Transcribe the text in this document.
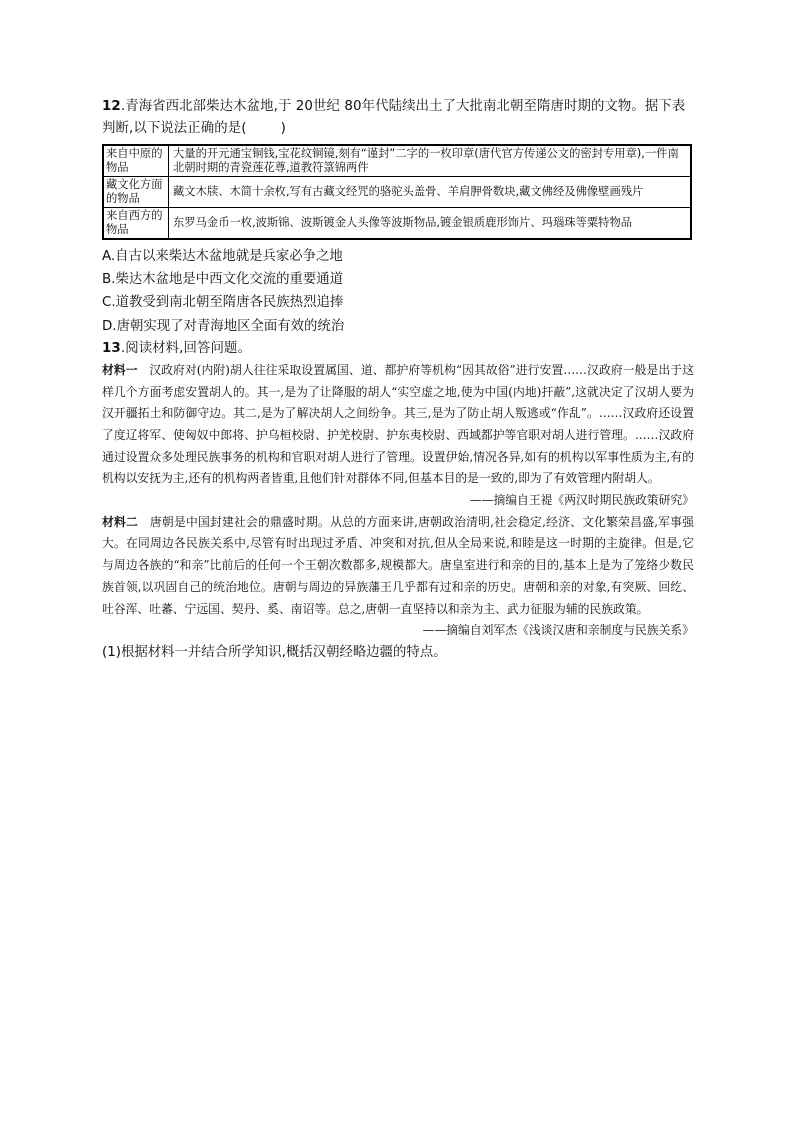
12.青海省西北部柴达木盆地,于 20世纪 80年代陆续出土了大批南北朝至隋唐时期的文物。据下表判断,以下说法正确的是(	)
来自中原的物品	大量的开元通宝铜钱,宝花纹铜镜,刻有“谨封”二字的一枚印章(唐代官方传递公文的密封专用章),一件南北朝时期的青瓷莲花尊,道教符箓锦两件
藏文化方面的物品	藏文木牍、木简十余枚,写有古藏文经咒的骆驼头盖骨、羊肩胛骨数块,藏文佛经及佛像壁画残片
来自西方的物品	东罗马金币一枚,波斯锦、波斯镀金人头像等波斯物品,镀金银质鹿形饰片、玛瑙珠等粟特物品
A.自古以来柴达木盆地就是兵家必争之地
B.柴达木盆地是中西文化交流的重要通道
C.道教受到南北朝至隋唐各民族热烈追捧
D.唐朝实现了对青海地区全面有效的统治
13.阅读材料,回答问题。
材料一 汉政府对(内附)胡人往往采取设置属国、道、都护府等机构“因其故俗”进行安置……汉政府一般是出于这样几个方面考虑安置胡人的。其一,是为了让降服的胡人“实空虚之地,使为中国(内地)扞蔽”,这就决定了汉胡人要为汉开疆拓土和防御守边。其二,是为了解决胡人之间纷争。其三,是为了防止胡人叛逃或“作乱”。……汉政府还设置了度辽将军、使匈奴中郎将、护乌桓校尉、护羌校尉、护东夷校尉、西域都护等官职对胡人进行管理。……汉政府通过设置众多处理民族事务的机构和官职对胡人进行了管理。设置伊始,情况各异,如有的机构以军事性质为主,有的机构以安抚为主,还有的机构两者皆重,且他们针对群体不同,但基本目的是一致的,即为了有效管理内附胡人。
——摘编自王褆《两汉时期民族政策研究》
材料二 唐朝是中国封建社会的鼎盛时期。从总的方面来讲,唐朝政治清明,社会稳定,经济、文化繁荣昌盛,军事强大。在同周边各民族关系中,尽管有时出现过矛盾、冲突和对抗,但从全局来说,和睦是这一时期的主旋律。但是,它与周边各族的“和亲”比前后的任何一个王朝次数都多,规模都大。唐皇室进行和亲的目的,基本上是为了笼络少数民族首领,以巩固自己的统治地位。唐朝与周边的异族藩王几乎都有过和亲的历史。唐朝和亲的对象,有突厥、回纥、吐谷浑、吐蕃、宁远国、契丹、奚、南诏等。总之,唐朝一直坚持以和亲为主、武力征服为辅的民族政策。
——摘编自刘军杰《浅谈汉唐和亲制度与民族关系》
(1)根据材料一并结合所学知识,概括汉朝经略边疆的特点。
